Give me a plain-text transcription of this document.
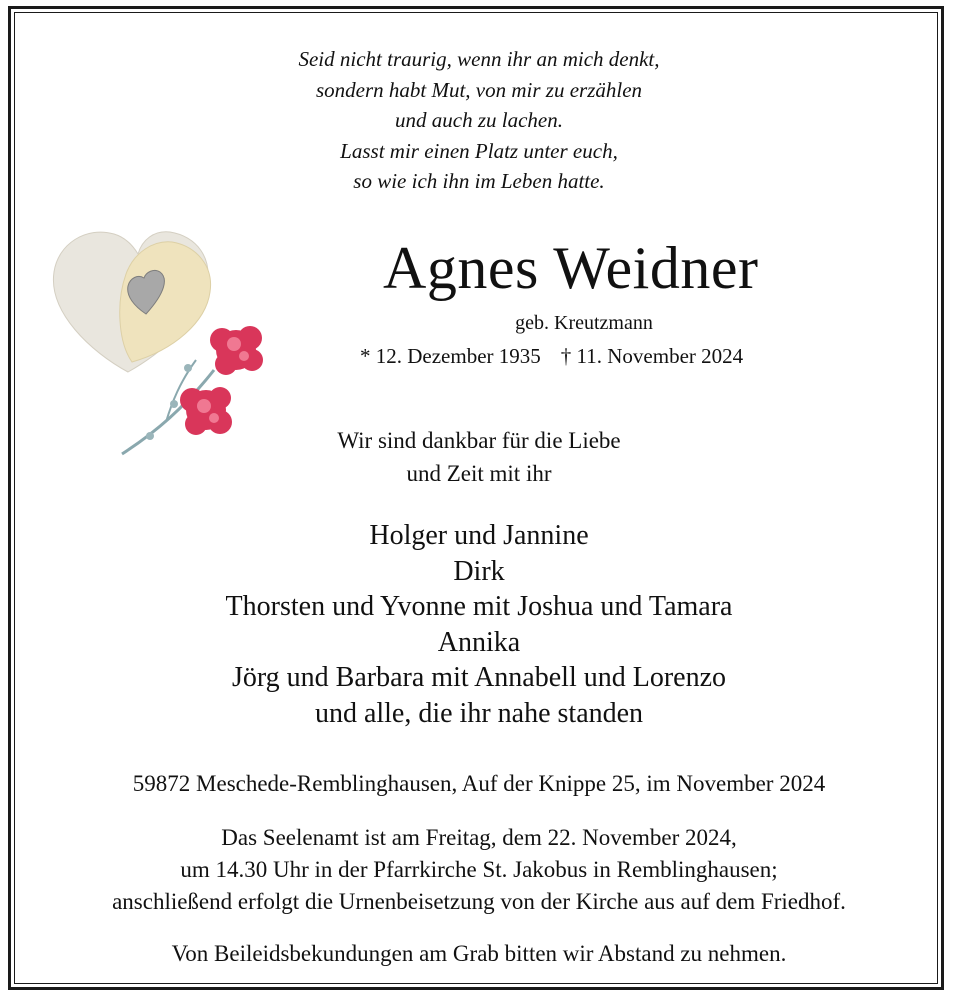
Seid nicht traurig, wenn ihr an mich denkt,
sondern habt Mut, von mir zu erzählen
und auch zu lachen.
Lasst mir einen Platz unter euch,
so wie ich ihn im Leben hatte.
Agnes Weidner
geb. Kreutzmann
* 12. Dezember 1935 † 11. November 2024
Wir sind dankbar für die Liebe
und Zeit mit ihr
Holger und Jannine
Dirk
Thorsten und Yvonne mit Joshua und Tamara
Annika
Jörg und Barbara mit Annabell und Lorenzo
und alle, die ihr nahe standen
59872 Meschede-Remblinghausen, Auf der Knippe 25, im November 2024
Das Seelenamt ist am Freitag, dem 22. November 2024,
um 14.30 Uhr in der Pfarrkirche St. Jakobus in Remblinghausen;
anschließend erfolgt die Urnenbeisetzung von der Kirche aus auf dem Friedhof.
Von Beileidsbekundungen am Grab bitten wir Abstand zu nehmen.
